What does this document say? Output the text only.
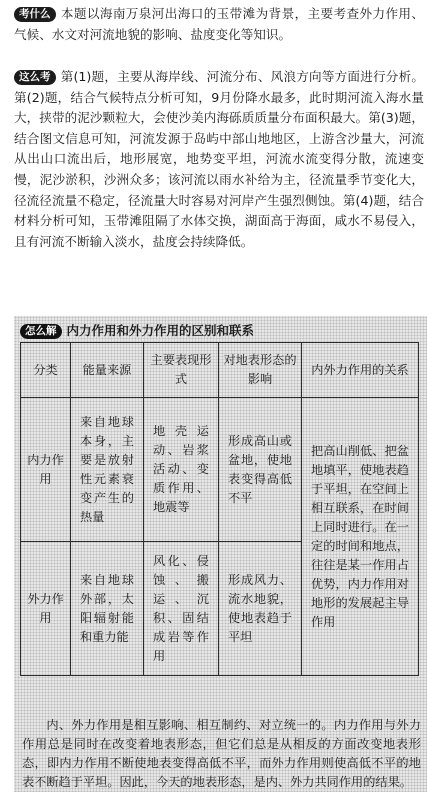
考什么 本题以海南万泉河出海口的玉带滩为背景，主要考查外力作用、气候、水文对河流地貌的影响、盐度变化等知识。
这么考 第(1)题，主要从海岸线、河流分布、风浪方向等方面进行分析。第(2)题，结合气候特点分析可知，9月份降水最多，此时期河流入海水量大，挟带的泥沙颗粒大，会使沙美内海砾质质量分布面积最大。第(3)题，结合图文信息可知，河流发源于岛屿中部山地地区，上游含沙量大，河流从出山口流出后，地形展宽，地势变平坦，河流水流变得分散，流速变慢，泥沙淤积，沙洲众多；该河流以雨水补给为主，径流量季节变化大，径流径流量不稳定，径流量大时容易对河岸产生强烈侧蚀。第(4)题，结合材料分析可知，玉带滩阻隔了水体交换，湖面高于海面，咸水不易侵入，且有河流不断输入淡水，盐度会持续降低。
怎么解 内力作用和外力作用的区别和联系
分类	能量来源	主要表现形式	对地表形态的影响	内外力作用的关系
内力作用	来自地球本身，主要是放射性元素衰变产生的热量	地壳运动、岩浆活动、变质作用、地震等	形成高山或盆地，使地表变得高低不平	把高山削低、把盆地填平，使地表趋于平坦，在空间上相互联系，在时间上同时进行。在一定的时间和地点，往往是某一作用占优势，内力作用对地形的发展起主导作用

外力作用	来自地球外部，太阳辐射能和重力能	风化、侵蚀、搬运、沉积、固结成岩等作用	形成风力、流水地貌，使地表趋于平坦	
内、外力作用是相互影响、相互制约、对立统一的。内力作用与外力作用总是同时在改变着地表形态，但它们总是从相反的方面改变地表形态，即内力作用不断使地表变得高低不平，而外力作用则使高低不平的地表不断趋于平坦。因此，今天的地表形态，是内、外力共同作用的结果。
